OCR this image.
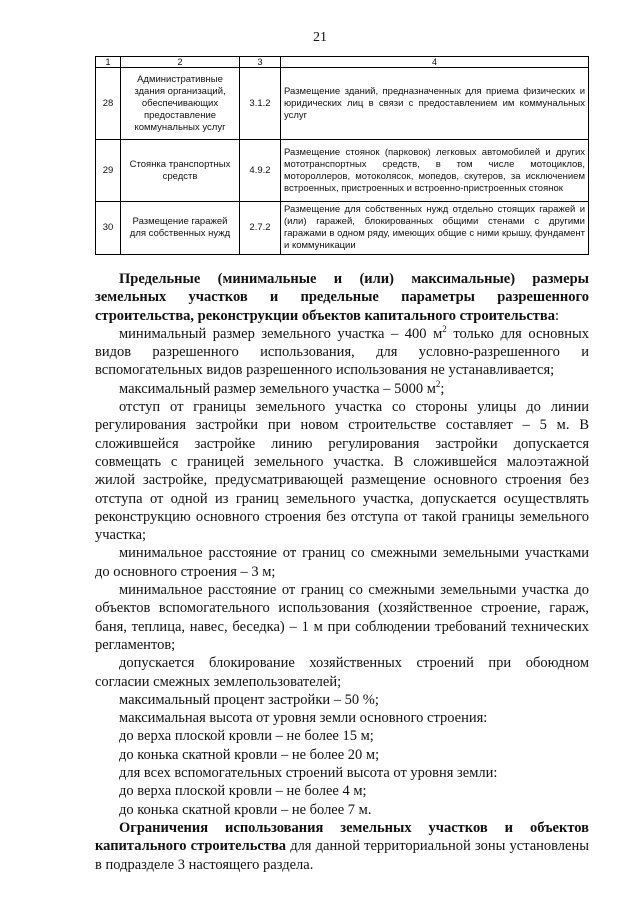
21
1	2	3	4
28	Административные здания организаций, обеспечивающих предоставление коммунальных услуг	3.1.2	Размещение зданий, предназначенных для приема физических и юридических лиц в связи с предоставлением им коммунальных услуг
29	Стоянка транспортных средств	4.9.2	Размещение стоянок (парковок) легковых автомобилей и других мототранспортных средств, в том числе мотоциклов, мотороллеров, мотоколясок, мопедов, скутеров, за исключением встроенных, пристроенных и встроенно-пристроенных стоянок
30	Размещение гаражей для собственных нужд	2.7.2	Размещение для собственных нужд отдельно стоящих гаражей и (или) гаражей, блокированных общими стенами с другими гаражами в одном ряду, имеющих общие с ними крышу, фундамент и коммуникации

Предельные (минимальные и (или) максимальные) размеры земельных участков и предельные параметры разрешенного строительства, реконструкции объектов капитального строительства:

минимальный размер земельного участка – 400 $м^2$ только для основных видов разрешенного использования, для условно-разрешенного и вспомогательных видов разрешенного использования не устанавливается;

максимальный размер земельного участка – 5000 $м^2$;

отступ от границы земельного участка со стороны улицы до линии регулирования застройки при новом строительстве составляет – 5 м. В сложившейся застройке линию регулирования застройки допускается совмещать с границей земельного участка. В сложившейся малоэтажной жилой застройке, предусматривающей размещение основного строения без отступа от одной из границ земельного участка, допускается осуществлять реконструкцию основного строения без отступа от такой границы земельного участка;

минимальное расстояние от границ со смежными земельными участками до основного строения – 3 м;

минимальное расстояние от границ со смежными земельными участка до объектов вспомогательного использования (хозяйственное строение, гараж, баня, теплица, навес, беседка) – 1 м при соблюдении требований технических регламентов;

допускается блокирование хозяйственных строений при обоюдном согласии смежных землепользователей;

максимальный процент застройки – 50 %;

максимальная высота от уровня земли основного строения:

до верха плоской кровли – не более 15 м;

до конька скатной кровли – не более 20 м;

для всех вспомогательных строений высота от уровня земли:

до верха плоской кровли – не более 4 м;

до конька скатной кровли – не более 7 м.

Ограничения использования земельных участков и объектов капитального строительства для данной территориальной зоны установлены в подразделе 3 настоящего раздела.
